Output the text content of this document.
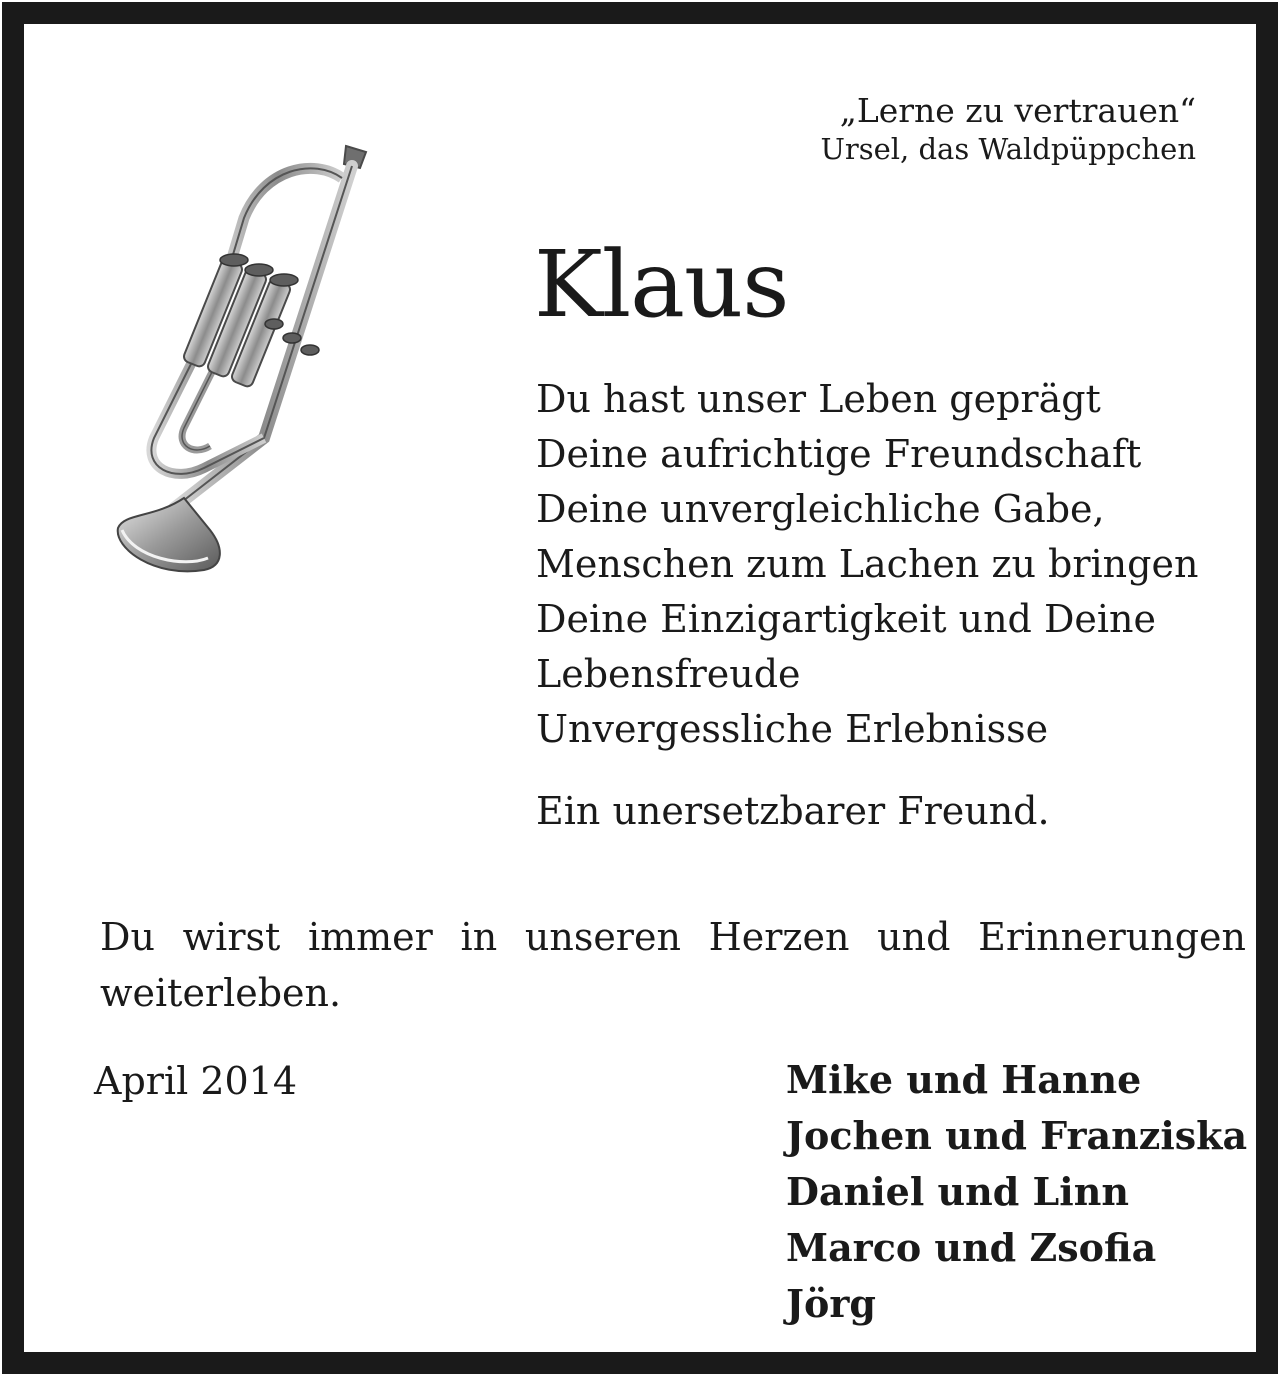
„Lerne zu vertrauen“
Ursel, das Waldpüppchen
Klaus
Du hast unser Leben geprägt
Deine aufrichtige Freundschaft
Deine unvergleichliche Gabe,
Menschen zum Lachen zu bringen
Deine Einzigartigkeit und Deine
Lebensfreude
Unvergessliche Erlebnisse
Ein unersetzbarer Freund.
Du wirst immer in unseren Herzen und Erinnerungen weiterleben.
April 2014	Mike und Hanne
Jochen und Franziska
Daniel und Linn
Marco und Zsofia
Jörg
